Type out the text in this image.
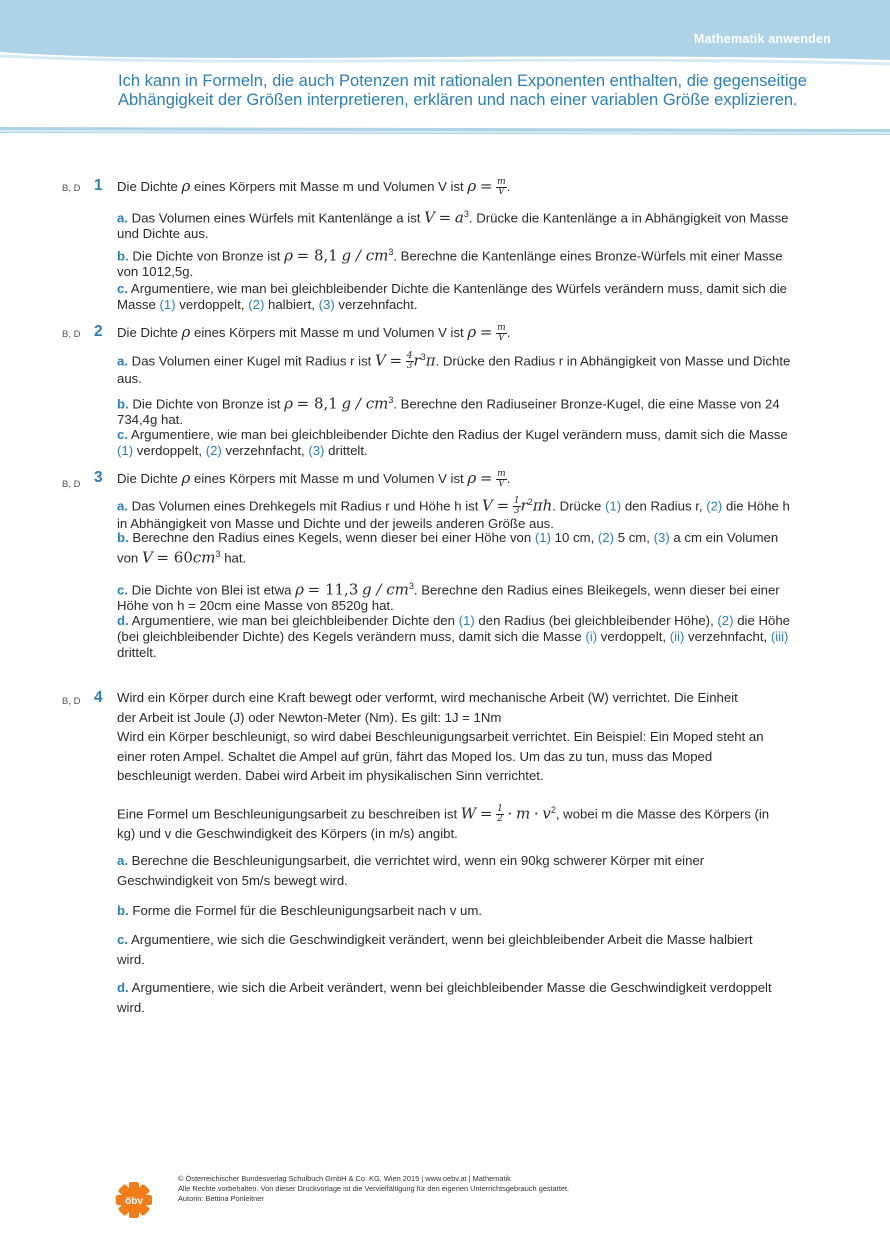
Mathematik anwenden
Ich kann in Formeln, die auch Potenzen mit rationalen Exponenten enthalten, die gegenseitige Abhängigkeit der Größen interpretieren, erklären und nach einer variablen Größe explizieren.
B, D 1 Die Dichte ρ eines Körpers mit Masse m und Volumen V ist $\rho = \frac{m}{V}$ .
a. Das Volumen eines Würfels mit Kantenlänge a ist $V = a^3$. Drücke die Kantenlänge a in Abhängigkeit von Masse und Dichte aus.
b. Die Dichte von Bronze ist ρ = 8,1 g / $cm^3$. Berechne die Kantenlänge eines Bronze-Würfels mit einer Masse von 1012,5g.
c. Argumentiere, wie man bei gleichbleibender Dichte die Kantenlänge des Würfels verändern muss, damit sich die Masse (1) verdoppelt, (2) halbiert, (3) verzehnfacht.
B, D 2 Die Dichte ρ eines Körpers mit Masse m und Volumen V ist $\rho = \frac{m}{V}$ .
a. Das Volumen einer Kugel mit Radius r ist $V = \frac{4}{3} r^3\pi$. Drücke den Radius r in Abhängigkeit von Masse und Dichte aus.
b. Die Dichte von Bronze ist ρ = 8,1 g / $cm^3$. Berechne den Radiuseiner Bronze-Kugel, die eine Masse von 24 734,4g hat.
c. Argumentiere, wie man bei gleichbleibender Dichte den Radius der Kugel verändern muss, damit sich die Masse (1) verdoppelt, (2) verzehnfacht, (3) drittelt.
B, D 3 Die Dichte ρ eines Körpers mit Masse m und Volumen V ist $\rho = \frac{m}{V}$ .
a. Das Volumen eines Drehkegels mit Radius r und Höhe h ist $V = \frac{1}{3} r^2\pi h$. Drücke (1) den Radius r, (2) die Höhe h in Abhängigkeit von Masse und Dichte und der jeweils anderen Größe aus.
b. Berechne den Radius eines Kegels, wenn dieser bei einer Höhe von (1) 10 cm, (2) 5 cm, (3) a cm ein Volumen von $V = 60cm^3$ hat.
c. Die Dichte von Blei ist etwa ρ = 11,3 g / $cm^3$. Berechne den Radius eines Bleikegels, wenn dieser bei einer Höhe von h = 20cm eine Masse von 8520g hat.
d. Argumentiere, wie man bei gleichbleibender Dichte den (1) den Radius (bei gleichbleibender Höhe), (2) die Höhe (bei gleichbleibender Dichte) des Kegels verändern muss, damit sich die Masse (i) verdoppelt, (ii) verzehnfacht, (iii) drittelt.
B, D 4 Wird ein Körper durch eine Kraft bewegt oder verformt, wird mechanische Arbeit (W) verrichtet. Die Einheit der Arbeit ist Joule (J) oder Newton-Meter (Nm). Es gilt: 1J = 1Nm
Wird ein Körper beschleunigt, so wird dabei Beschleunigungsarbeit verrichtet. Ein Beispiel: Ein Moped steht an einer roten Ampel. Schaltet die Ampel auf grün, fährt das Moped los. Um das zu tun, muss das Moped beschleunigt werden. Dabei wird Arbeit im physikalischen Sinn verrichtet.
Eine Formel um Beschleunigungsarbeit zu beschreiben ist $W = \frac{1}{2} \cdot m \cdot v^2$, wobei m die Masse des Körpers (in kg) und v die Geschwindigkeit des Körpers (in m/s) angibt.
a. Berechne die Beschleunigungsarbeit, die verrichtet wird, wenn ein 90kg schwerer Körper mit einer Geschwindigkeit von 5m/s bewegt wird.
b. Forme die Formel für die Beschleunigungsarbeit nach v um.
c. Argumentiere, wie sich die Geschwindigkeit verändert, wenn bei gleichbleibender Arbeit die Masse halbiert wird.
d. Argumentiere, wie sich die Arbeit verändert, wenn bei gleichbleibender Masse die Geschwindigkeit verdoppelt wird.
öbv
© Österreichischer Bundesverlag Schulbuch GmbH & Co. KG, Wien 2015 | www.oebv.at | Mathematik
Alle Rechte vorbehalten. Von dieser Druckvorlage ist die Vervielfältigung für den eigenen Unterrichtsgebrauch gestattet.
Autorin: Bettina Ponleitner
